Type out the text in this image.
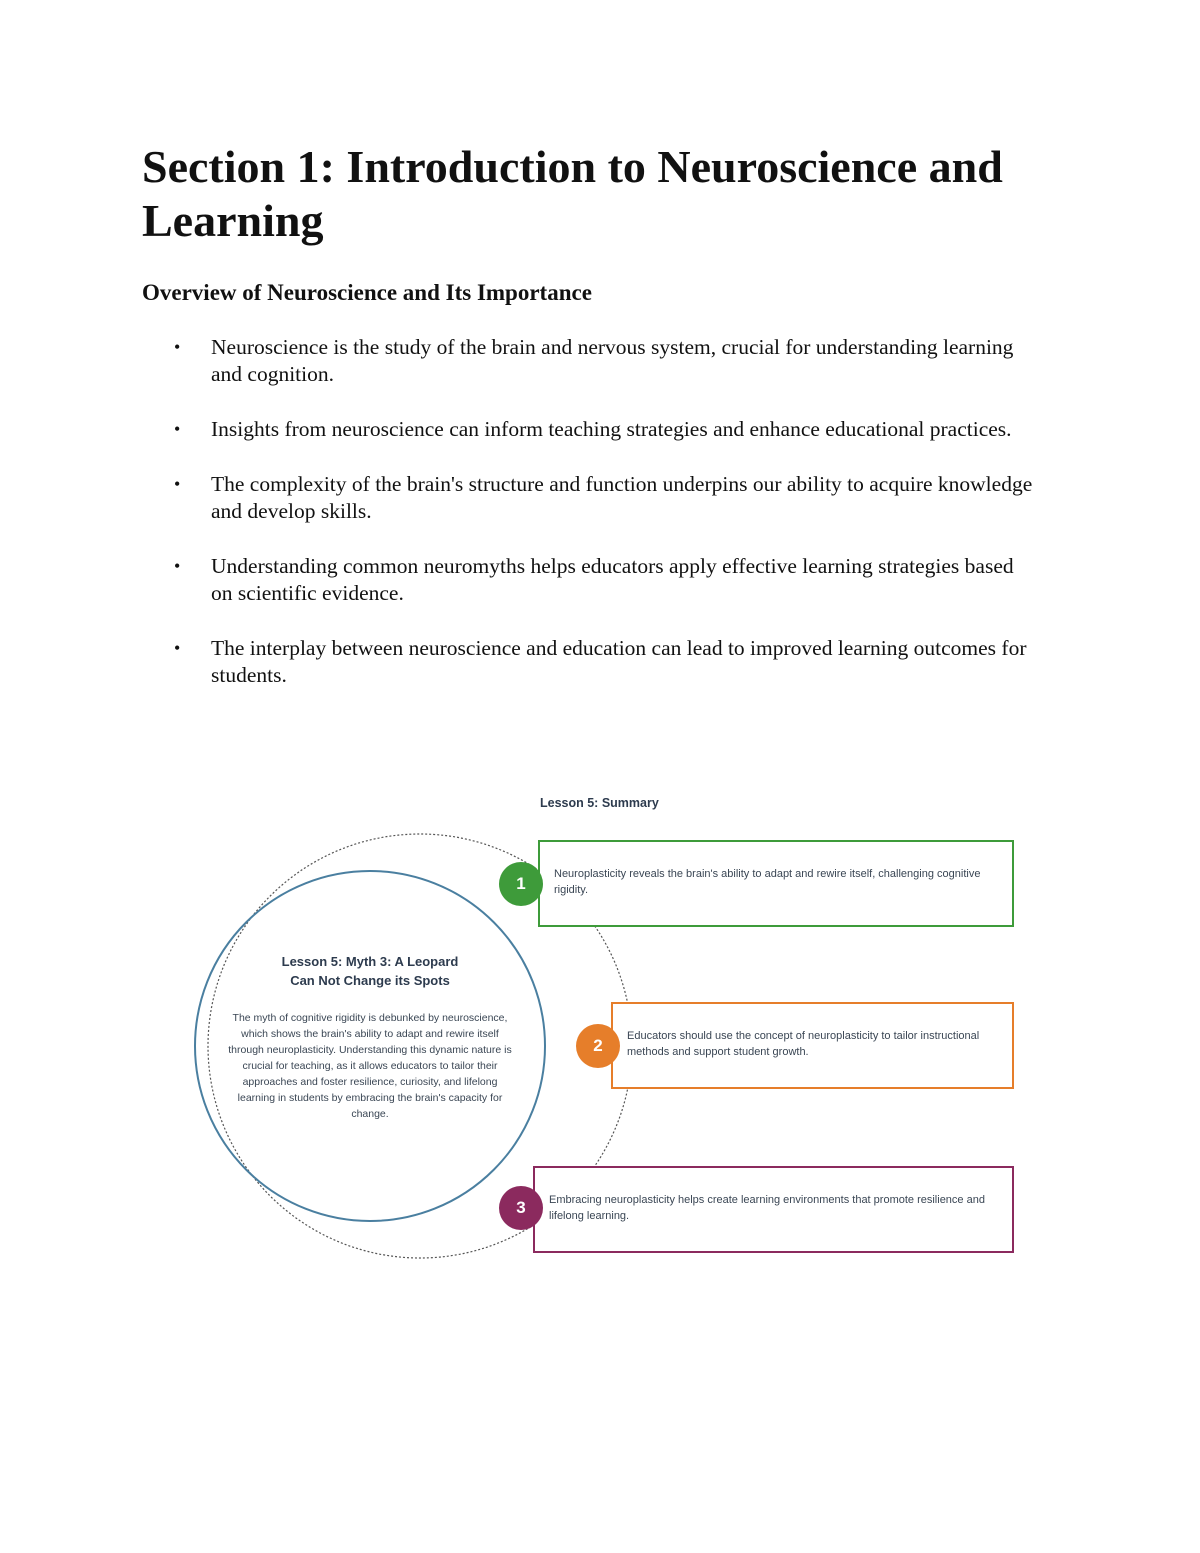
Section 1: Introduction to Neuroscience and Learning
Overview of Neuroscience and Its Importance
• Neuroscience is the study of the brain and nervous system, crucial for understanding learning and cognition.
• Insights from neuroscience can inform teaching strategies and enhance educational practices.
• The complexity of the brain's structure and function underpins our ability to acquire knowledge and develop skills.
• Understanding common neuromyths helps educators apply effective learning strategies based on scientific evidence.
• The interplay between neuroscience and education can lead to improved learning outcomes for students.
Lesson 5: Summary
Lesson 5: Myth 3: A Leopard Can Not Change its Spots
The myth of cognitive rigidity is debunked by neuroscience, which shows the brain's ability to adapt and rewire itself through neuroplasticity. Understanding this dynamic nature is crucial for teaching, as it allows educators to tailor their approaches and foster resilience, curiosity, and lifelong learning in students by embracing the brain's capacity for change.
Neuroplasticity reveals the brain's ability to adapt and rewire itself, challenging cognitive rigidity.
1
Educators should use the concept of neuroplasticity to tailor instructional methods and support student growth.
2
Embracing neuroplasticity helps create learning environments that promote resilience and lifelong learning.
3
